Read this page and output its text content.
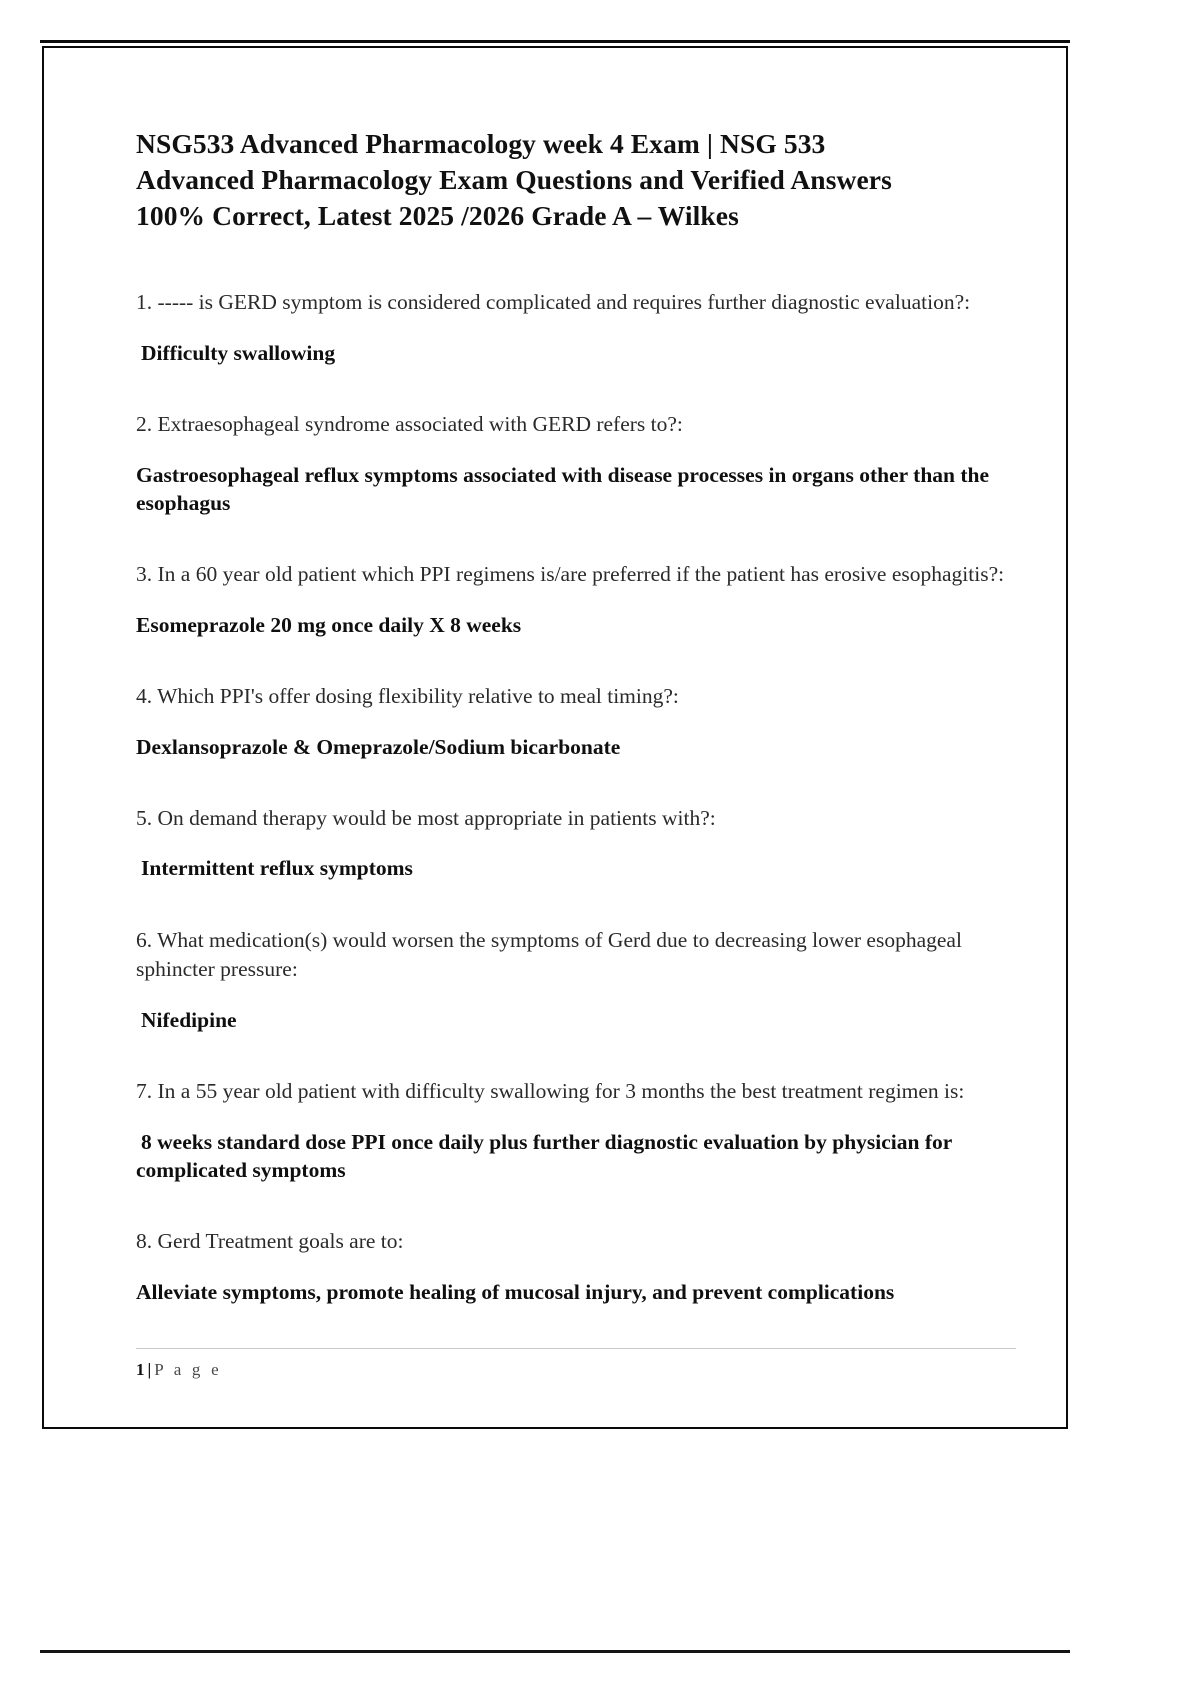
NSG533 Advanced Pharmacology week 4 Exam | NSG 533
Advanced Pharmacology Exam Questions and Verified Answers
100% Correct, Latest 2025 /2026 Grade A – Wilkes

1. ----- is GERD symptom is considered complicated and requires further diagnostic evaluation?:

Difficulty swallowing

2. Extraesophageal syndrome associated with GERD refers to?:

Gastroesophageal reflux symptoms associated with disease processes in organs other than the esophagus

3. In a 60 year old patient which PPI regimens is/are preferred if the patient has erosive esophagitis?:

Esomeprazole 20 mg once daily X 8 weeks

4. Which PPI's offer dosing flexibility relative to meal timing?:

Dexlansoprazole & Omeprazole/Sodium bicarbonate

5. On demand therapy would be most appropriate in patients with?:

Intermittent reflux symptoms

6. What medication(s) would worsen the symptoms of Gerd due to decreasing lower esophageal sphincter pressure:

Nifedipine

7. In a 55 year old patient with difficulty swallowing for 3 months the best treatment regimen is:

8 weeks standard dose PPI once daily plus further diagnostic evaluation by physician for complicated symptoms

8. Gerd Treatment goals are to:

Alleviate symptoms, promote healing of mucosal injury, and prevent complications

1 | P a g e
